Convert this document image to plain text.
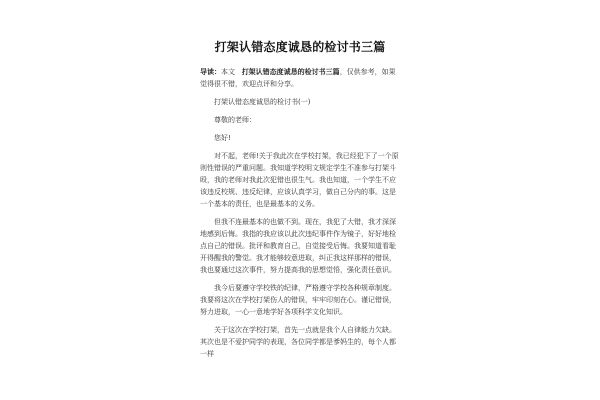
打架认错态度诚恳的检讨书三篇
导读：本文 打架认错态度诚恳的检讨书三篇，仅供参考，如果觉得很不错，欢迎点评和分享。

打架认错态度诚恳的检讨书(一)

尊敬的老师：

您好!

对不起，老师!关于我此次在学校打架，我已经犯下了一个原则性错误的严重问题。我知道学校明文规定学生不准参与打架斗殴，我的老师对我此次犯错也很生气。我也知道，一个学生不应该违反校规、违反纪律，应该认真学习，做自己分内的事。这是一个基本的责任，也是最基本的义务。

但我不连最基本的也做不到。现在，我犯了大错，我才深深地感到后悔。我指的我应该以此次违纪事件作为镜子，好好地检点自己的错误。批评和教育自己，自觉接受后悔。我要知道看耻开得醒我的警觉。我才能够较意进取，纠正我这样那样的错误，我也要通过这次事件，努力提高我的思想觉悟，强化责任意识。

我今后要遵守学校铁的纪律，严格遵守学校各种规章制度。我要将这次在学校打架伤人的错误，牢牢印刻在心。谨记错误，努力进取，一心一意地学好各项科学文化知识。

关于这次在学校打架，首先一点就是我个人自律能力欠缺。其次也是不爱护同学的表现，各位同学都是爹妈生的，每个人都一样
